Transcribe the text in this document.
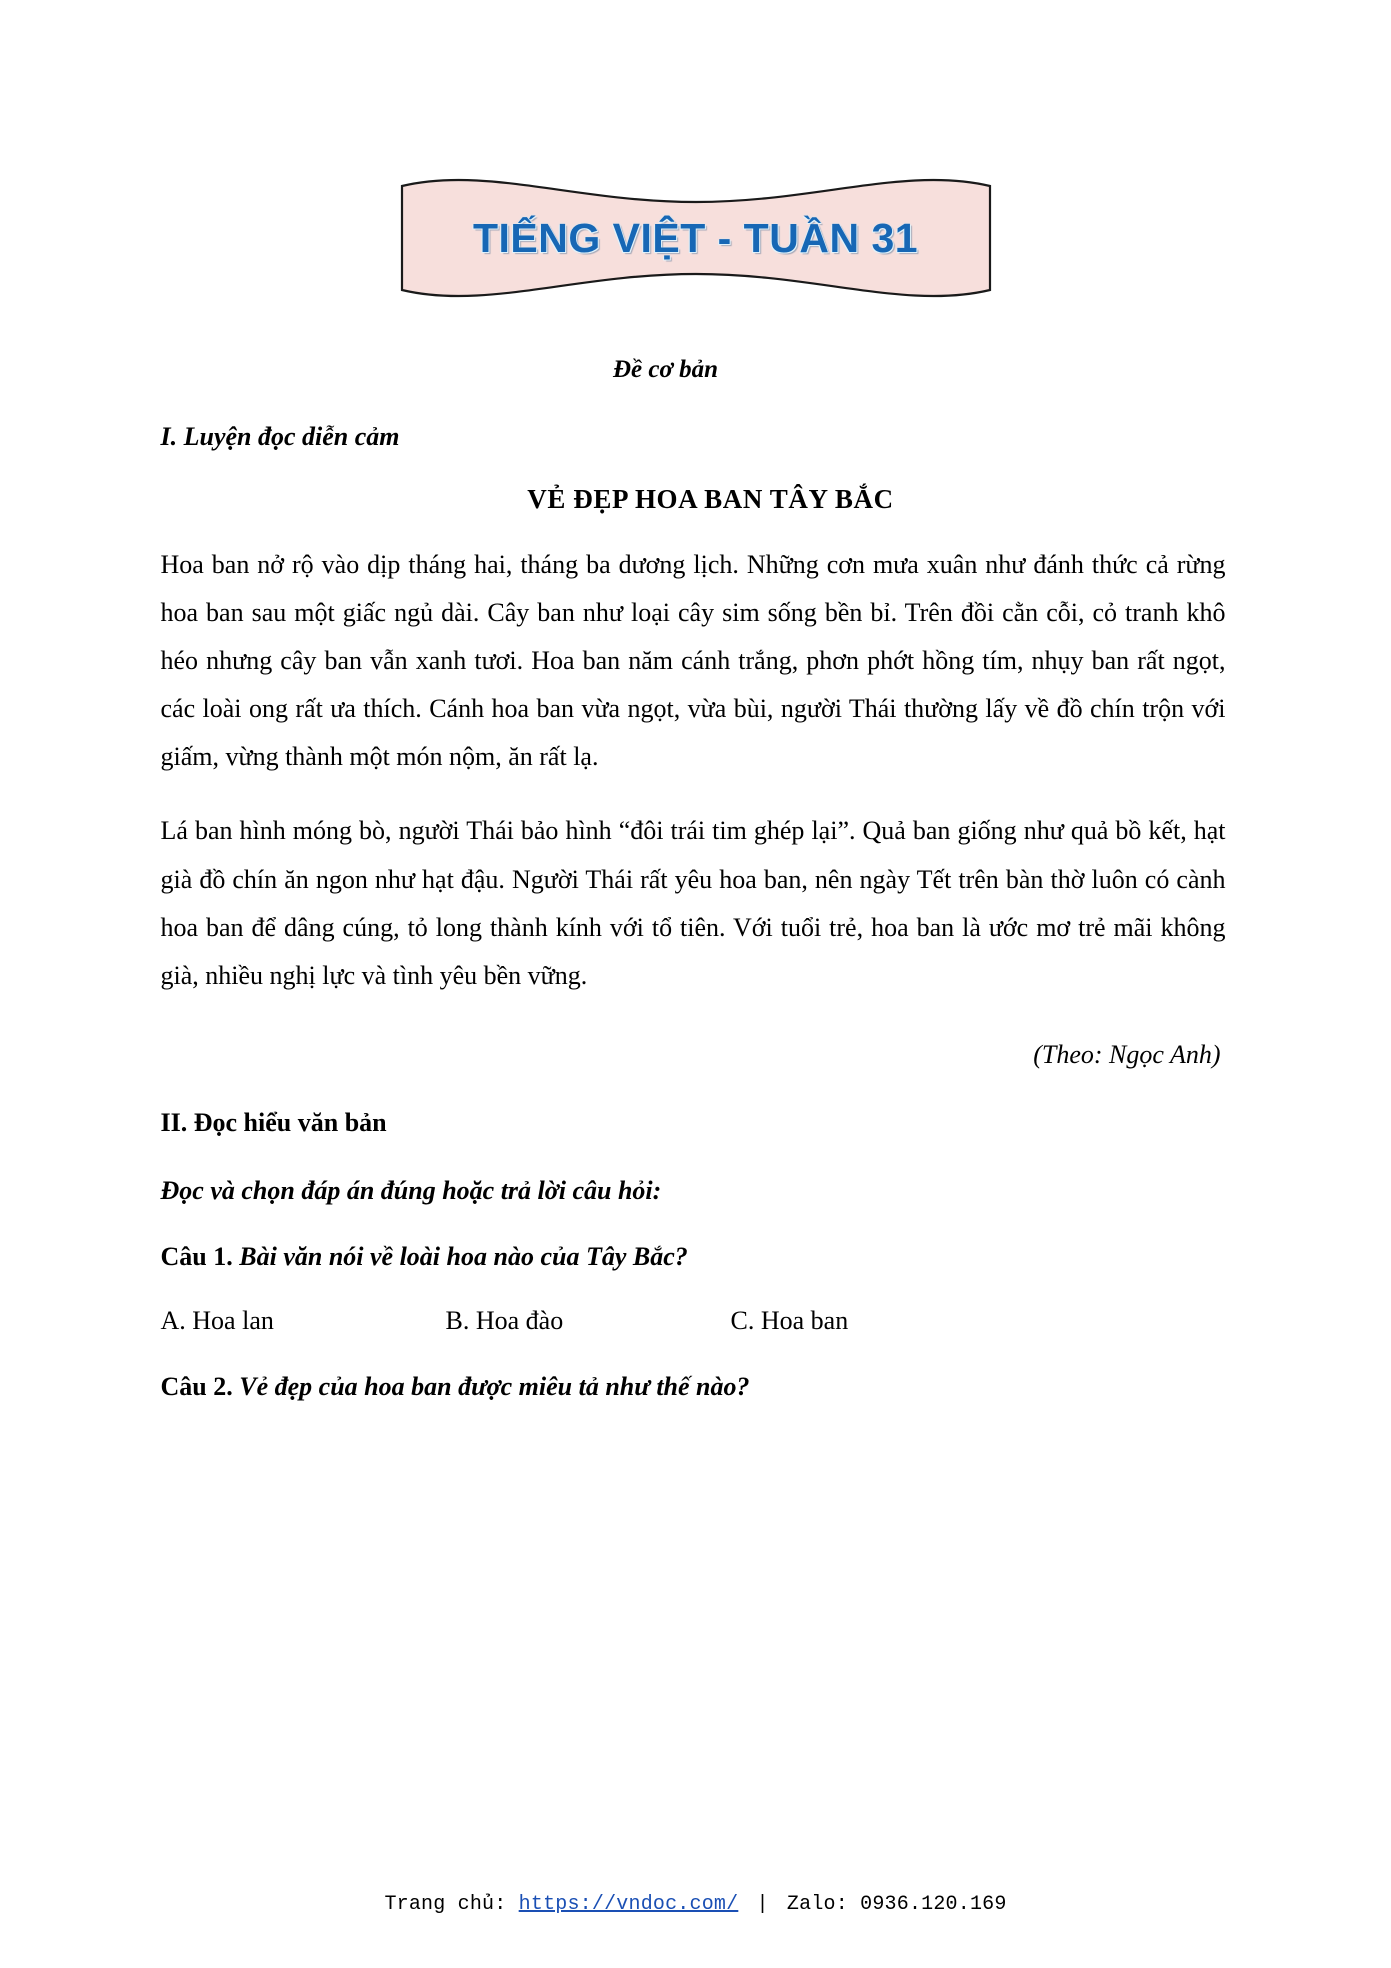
TIẾNG VIỆT - TUẦN 31
Đề cơ bản
I. Luyện đọc diễn cảm
VẺ ĐẸP HOA BAN TÂY BẮC

Hoa ban nở rộ vào dịp tháng hai, tháng ba dương lịch. Những cơn mưa xuân như đánh thức cả rừng hoa ban sau một giấc ngủ dài. Cây ban như loại cây sim sống bền bỉ. Trên đồi cằn cỗi, cỏ tranh khô héo nhưng cây ban vẫn xanh tươi. Hoa ban năm cánh trắng, phơn phớt hồng tím, nhụy ban rất ngọt, các loài ong rất ưa thích. Cánh hoa ban vừa ngọt, vừa bùi, người Thái thường lấy về đồ chín trộn với giấm, vừng thành một món nộm, ăn rất lạ.

Lá ban hình móng bò, người Thái bảo hình “đôi trái tim ghép lại”. Quả ban giống như quả bồ kết, hạt già đồ chín ăn ngon như hạt đậu. Người Thái rất yêu hoa ban, nên ngày Tết trên bàn thờ luôn có cành hoa ban để dâng cúng, tỏ long thành kính với tổ tiên. Với tuổi trẻ, hoa ban là ước mơ trẻ mãi không già, nhiều nghị lực và tình yêu bền vững.

(Theo: Ngọc Anh)
II. Đọc hiểu văn bản
Đọc và chọn đáp án đúng hoặc trả lời câu hỏi:
Câu 1. Bài văn nói về loài hoa nào của Tây Bắc?
A. Hoa lan	B. Hoa đào	C. Hoa ban
Câu 2. Vẻ đẹp của hoa ban được miêu tả như thế nào?
Trang chủ: https://vndoc.com/ | Zalo: 0936.120.169
